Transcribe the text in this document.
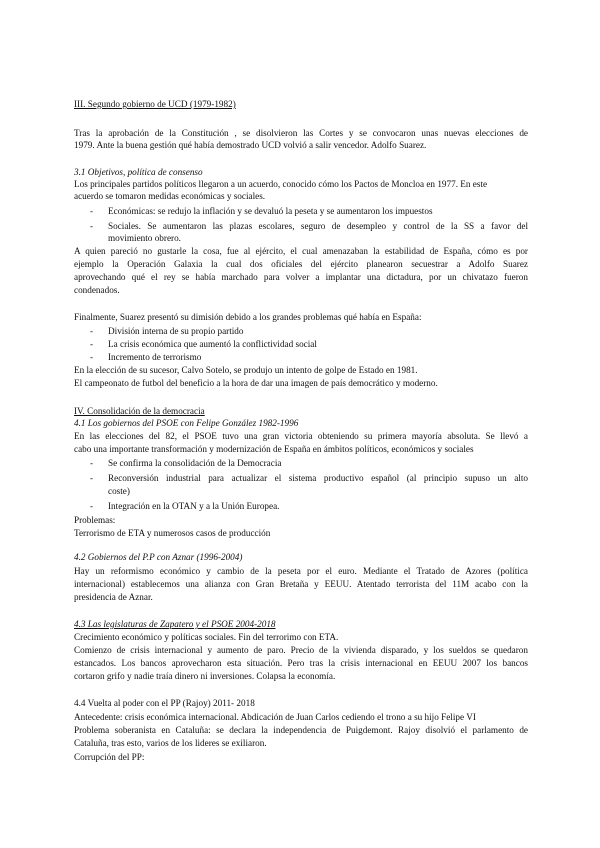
III. Segundo gobierno de UCD (1979-1982)
Tras la aprobación de la Constitución , se disolvieron las Cortes y se convocaron unas nuevas elecciones de
1979. Ante la buena gestión qué había demostrado UCD volvió a salir vencedor. Adolfo Suarez.
3.1 Objetivos, política de consenso
Los principales partidos políticos llegaron a un acuerdo, conocido cómo los Pactos de Moncloa en 1977. En este
acuerdo se tomaron medidas económicas y sociales.
- Económicas: se redujo la inflación y se devaluó la peseta y se aumentaron los impuestos
- Sociales. Se aumentaron las plazas escolares, seguro de desempleo y control de la SS a favor del
movimiento obrero.
A quien pareció no gustarle la cosa, fue al ejército, el cual amenazaban la estabilidad de España, cómo es por
ejemplo la Operación Galaxia la cual dos oficiales del ejército planearon secuestrar a Adolfo Suarez
aprovechando qué el rey se había marchado para volver a implantar una dictadura, por un chivatazo fueron
condenados.
Finalmente, Suarez presentó su dimisión debido a los grandes problemas qué había en España:
- División interna de su propio partido
- La crisis económica que aumentó la conflictividad social
- Incremento de terrorismo
En la elección de su sucesor, Calvo Sotelo, se produjo un intento de golpe de Estado en 1981.
El campeonato de futbol del beneficio a la hora de dar una imagen de país democrático y moderno.
IV. Consolidación de la democracia
4.1 Los gobiernos del PSOE con Felipe González 1982-1996
En las elecciones del 82, el PSOE tuvo una gran victoria obteniendo su primera mayoría absoluta. Se llevó a
cabo una importante transformación y modernización de España en ámbitos políticos, económicos y sociales
- Se confirma la consolidación de la Democracia
- Reconversión industrial para actualizar el sistema productivo español (al principio supuso un alto
coste)
- Integración en la OTAN y a la Unión Europea.
Problemas:
Terrorismo de ETA y numerosos casos de producción
4.2 Gobiernos del P.P con Aznar (1996-2004)
Hay un reformismo económico y cambio de la peseta por el euro. Mediante el Tratado de Azores (política
internacional) establecemos una alianza con Gran Bretaña y EEUU. Atentado terrorista del 11M acabo con la
presidencia de Aznar.
4.3 Las legislaturas de Zapatero y el PSOE 2004-2018
Crecimiento económico y políticas sociales. Fin del terrorimo con ETA.
Comienzo de crisis internacional y aumento de paro. Precio de la vivienda disparado, y los sueldos se quedaron
estancados. Los bancos aprovecharon esta situación. Pero tras la crisis internacional en EEUU 2007 los bancos
cortaron grifo y nadie traía dinero ni inversiones. Colapsa la economía.
4.4 Vuelta al poder con el PP (Rajoy) 2011- 2018
Antecedente: crisis económica internacional. Abdicación de Juan Carlos cediendo el trono a su hijo Felipe VI
Problema soberanista en Cataluña: se declara la independencia de Puigdemont. Rajoy disolvió el parlamento de
Cataluña, tras esto, varios de los lideres se exiliaron.
Corrupción del PP:
